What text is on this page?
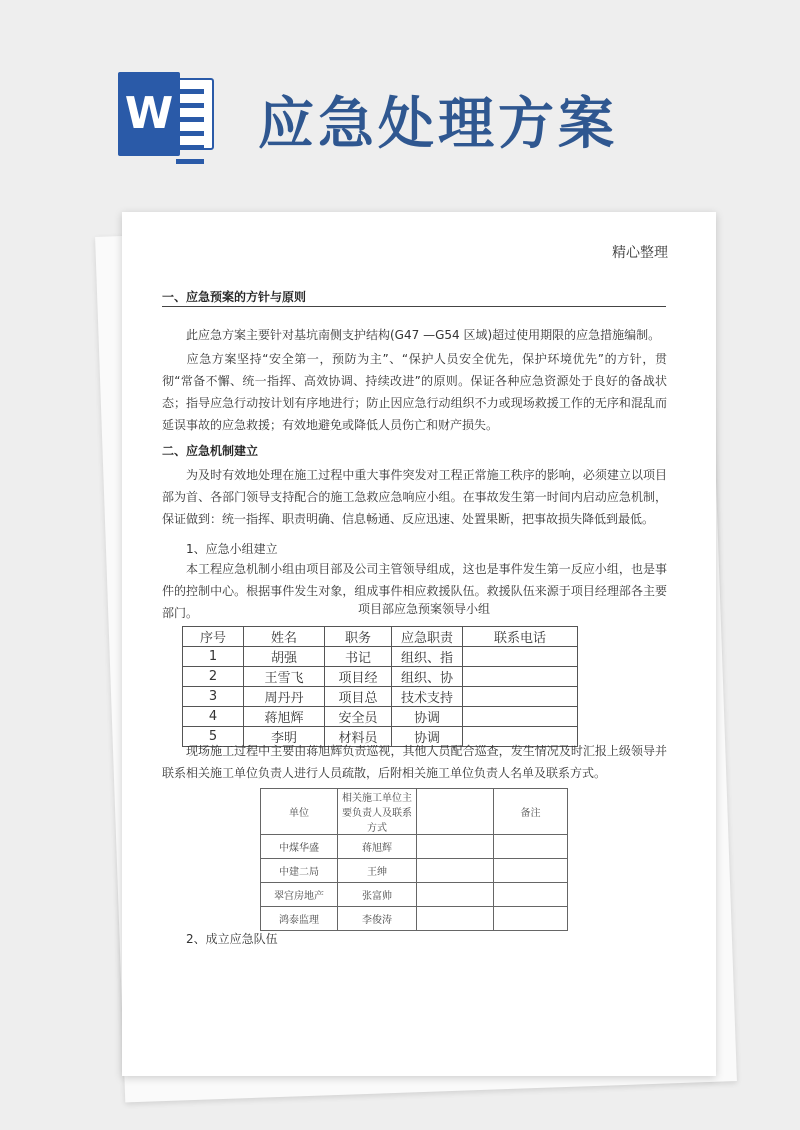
W 应急处理方案
精心整理
一、应急预案的方针与原则
此应急方案主要针对基坑南侧支护结构(G47 —G54 区域)超过使用期限的应急措施编制。
应急方案坚持“安全第一，预防为主”、“保护人员安全优先，保护环境优先”的方针，贯彻“常备不懈、统一指挥、高效协调、持续改进”的原则。保证各种应急资源处于良好的备战状态；指导应急行动按计划有序地进行；防止因应急行动组织不力或现场救援工作的无序和混乱而延误事故的应急救援；有效地避免或降低人员伤亡和财产损失。
二、应急机制建立
为及时有效地处理在施工过程中重大事件突发对工程正常施工秩序的影响，必须建立以项目部为首、各部门领导支持配合的施工急救应急响应小组。在事故发生第一时间内启动应急机制，保证做到：统一指挥、职责明确、信息畅通、反应迅速、处置果断，把事故损失降低到最低。
1、应急小组建立
本工程应急机制小组由项目部及公司主管领导组成，这也是事件发生第一反应小组，也是事件的控制中心。根据事件发生对象，组成事件相应救援队伍。救援队伍来源于项目经理部各主要部门。	项目部应急预案领导小组
序号	姓名	职务	应急职责	联系电话
1	胡强	书记	组织、指	
2	王雪飞	项目经	组织、协	
3	周丹丹	项目总	技术支持	
4	蒋旭辉	安全员	协调	
5	李明	材料员	协调	
现场施工过程中主要由蒋旭辉负责巡视，其他人员配合巡查，发生情况及时汇报上级领导并联系相关施工单位负责人进行人员疏散，后附相关施工单位负责人名单及联系方式。
单位	相关施工单位主要负责人及联系方式		备注
中煤华盛	蒋旭辉		
中建二局	王绅		
翠宫房地产	张富帅		
鸿泰监理	李俊涛		
2、成立应急队伍
